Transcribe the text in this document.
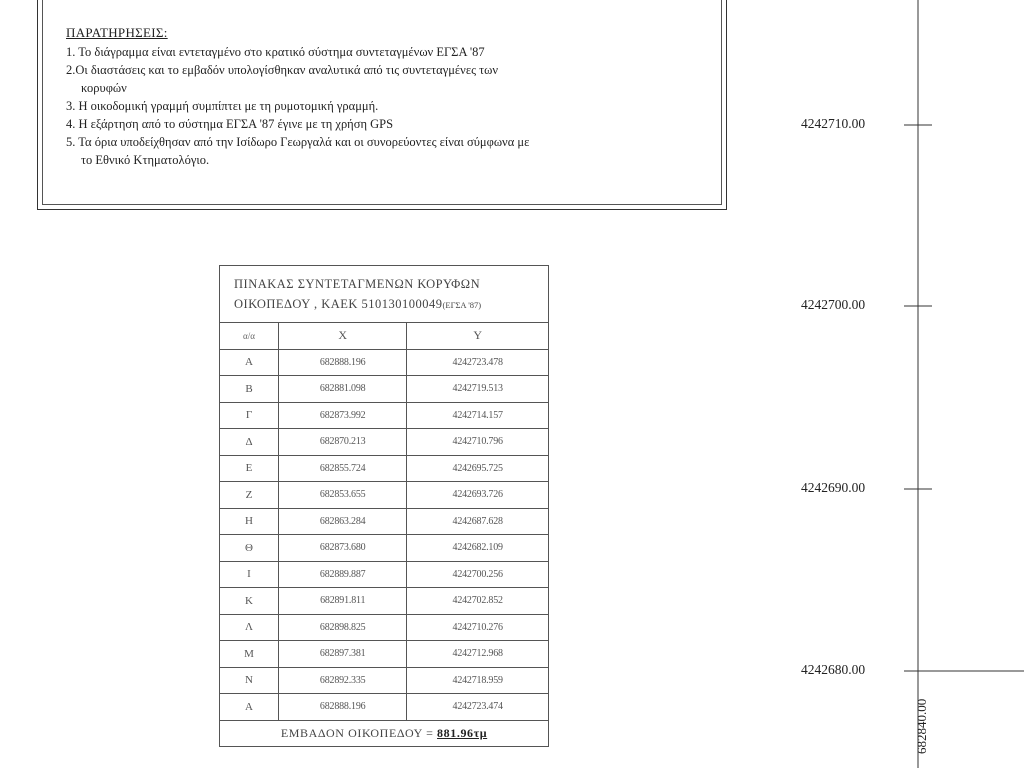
ΠΑΡΑΤΗΡΗΣΕΙΣ:
1. Το διάγραμμα είναι εντεταγμένο στο κρατικό σύστημα συντεταγμένων ΕΓΣΑ '87
2.Οι διαστάσεις και το εμβαδόν υπολογίσθηκαν αναλυτικά από τις συντεταγμένες των
κορυφών
3. Η οικοδομική γραμμή συμπίπτει με τη ρυμοτομική γραμμή.
4. Η εξάρτηση από το σύστημα ΕΓΣΑ '87 έγινε με τη χρήση GPS
5. Τα όρια υποδείχθησαν από την Ισίδωρο Γεωργαλά και οι συνορεύοντες είναι σύμφωνα με
το Εθνικό Κτηματολόγιο.
ΠΙΝΑΚΑΣ ΣΥΝΤΕΤΑΓΜΕΝΩΝ ΚΟΡΥΦΩΝ
ΟΙΚΟΠΕΔΟΥ , ΚΑΕΚ 510130100049(ΕΓΣΑ '87)		
α/α	X	Y
Α	682888.196	4242723.478
Β	682881.098	4242719.513
Γ	682873.992	4242714.157
Δ	682870.213	4242710.796
Ε	682855.724	4242695.725
Ζ	682853.655	4242693.726
Η	682863.284	4242687.628
Θ	682873.680	4242682.109
Ι	682889.887	4242700.256
Κ	682891.811	4242702.852
Λ	682898.825	4242710.276
Μ	682897.381	4242712.968
Ν	682892.335	4242718.959
Α	682888.196	4242723.474
ΕΜΒΑΔΟΝ ΟΙΚΟΠΕΔΟΥ = 881.96τμ		
4242710.00
4242700.00
4242690.00
4242680.00
682840.00
